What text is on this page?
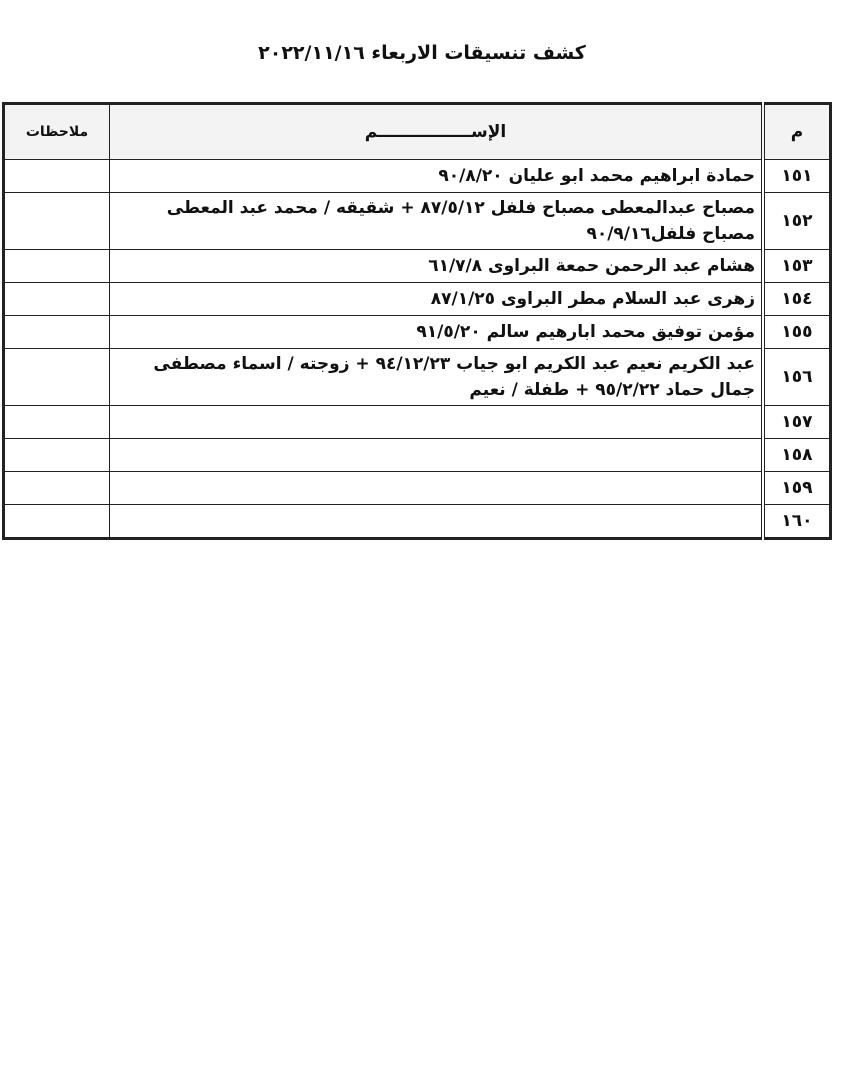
كشف تنسيقات الاربعاء ٢٠٢٢/١١/١٦
م	الإســــــــــــــــم	ملاحظات
١٥١	حمادة ابراهيم محمد ابو عليان ٩٠/٨/٢٠	
١٥٢	مصباح عبدالمعطى مصباح فلفل ٨٧/٥/١٢ + شقيقه / محمد عبد المعطى مصباح فلفل٩٠/٩/١٦	
١٥٣	هشام عبد الرحمن حمعة البراوى ٦١/٧/٨	
١٥٤	زهرى عبد السلام مطر البراوى ٨٧/١/٢٥	
١٥٥	مؤمن توفيق محمد ابارهيم سالم ٩١/٥/٢٠	
١٥٦	عبد الكريم نعيم عبد الكريم ابو جياب ٩٤/١٢/٢٣ + زوجته / اسماء مصطفى جمال حماد ٩٥/٢/٢٢ + طفلة / نعيم	
١٥٧		
١٥٨		
١٥٩		
١٦٠		
